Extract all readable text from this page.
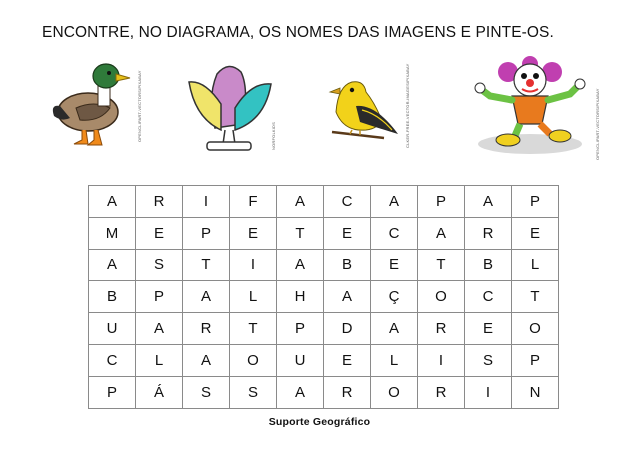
ENCONTRE, NO DIAGRAMA, OS NOMES DAS IMAGENS E PINTE-OS.
OPENCLIPART-VECTORS/PIXABAY	NORFOLKIDS	CLKER-FREE-VECTOR-IMAGES/PIXABAY	OPENCLIPART-VECTORS/PIXABAY
A	R	I	F	A	C	A	P	A	P
M	E	P	E	T	E	C	A	R	E
A	S	T	I	A	B	E	T	B	L
B	P	A	L	H	A	Ç	O	C	T
U	A	R	T	P	D	A	R	E	O
C	L	A	O	U	E	L	I	S	P
P	Á	S	S	A	R	O	R	I	N
Suporte Geográfico
